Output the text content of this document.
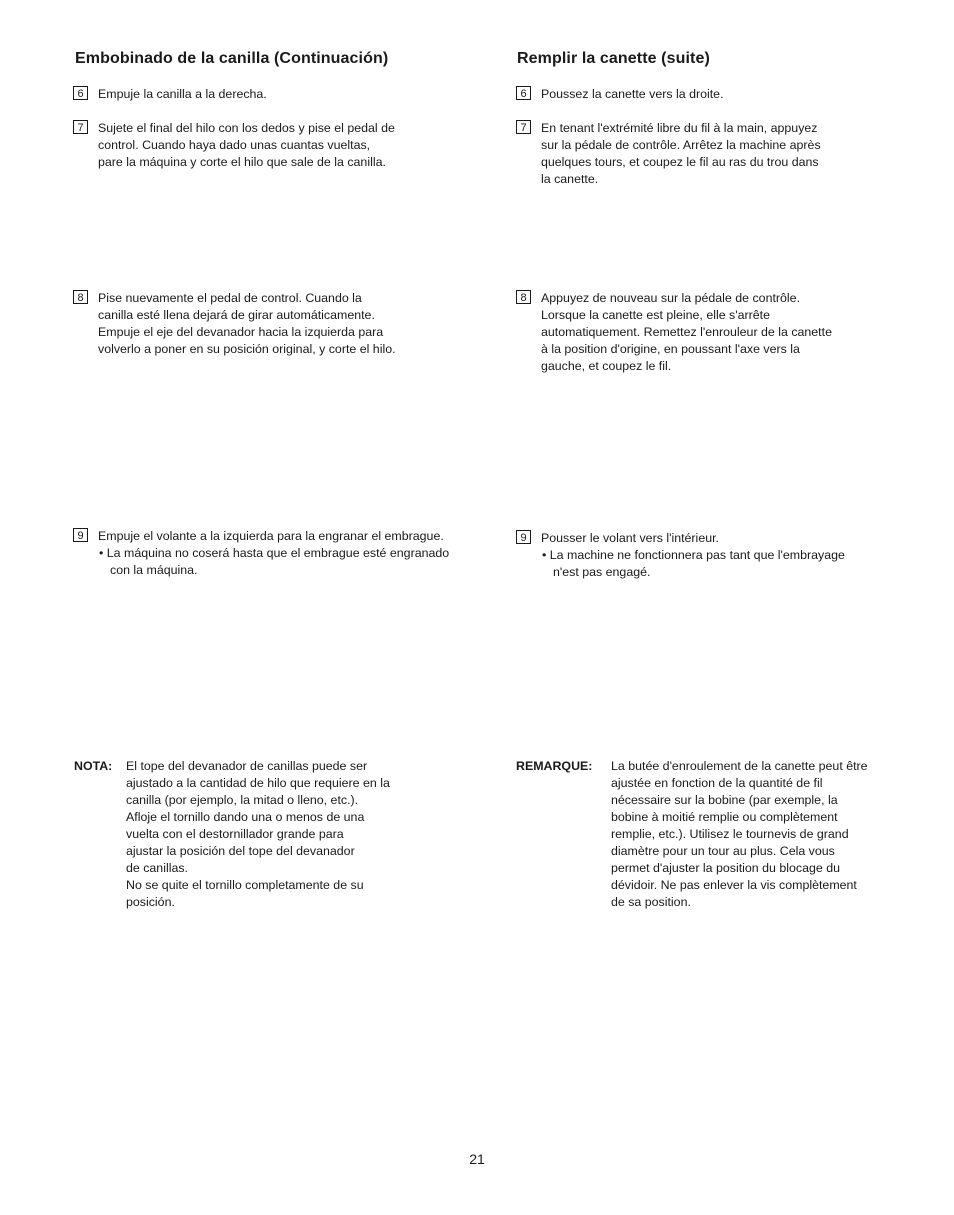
Embobinado de la canilla (Continuación)
6	Empuje la canilla a la derecha.
7	Sujete el final del hilo con los dedos y pise el pedal de
control. Cuando haya dado unas cuantas vueltas,
pare la máquina y corte el hilo que sale de la canilla.
8	Pise nuevamente el pedal de control. Cuando la
canilla esté llena dejará de girar automáticamente.
Empuje el eje del devanador hacia la izquierda para
volverlo a poner en su posición original, y corte el hilo.
9	Empuje el volante a la izquierda para la engranar el embrague.
• La máquina no coserá hasta que el embrague esté engranado
con la máquina.
NOTA:	El tope del devanador de canillas puede ser
ajustado a la cantidad de hilo que requiere en la
canilla (por ejemplo, la mitad o lleno, etc.).
Afloje el tornillo dando una o menos de una
vuelta con el destornillador grande para
ajustar la posición del tope del devanador
de canillas.
No se quite el tornillo completamente de su
posición.
Remplir la canette (suite)
6	Poussez la canette vers la droite.
7	En tenant l'extrémité libre du fil à la main, appuyez
sur la pédale de contrôle. Arrêtez la machine après
quelques tours, et coupez le fil au ras du trou dans
la canette.
8	Appuyez de nouveau sur la pédale de contrôle.
Lorsque la canette est pleine, elle s'arrête
automatiquement. Remettez l'enrouleur de la canette
à la position d'origine, en poussant l'axe vers la
gauche, et coupez le fil.
9	Pousser le volant vers l'intérieur.
• La machine ne fonctionnera pas tant que l'embrayage
n'est pas engagé.
REMARQUE:	La butée d'enroulement de la canette peut être
ajustée en fonction de la quantité de fil
nécessaire sur la bobine (par exemple, la
bobine à moitié remplie ou complètement
remplie, etc.). Utilisez le tournevis de grand
diamètre pour un tour au plus. Cela vous
permet d'ajuster la position du blocage du
dévidoir. Ne pas enlever la vis complètement
de sa position.
21
